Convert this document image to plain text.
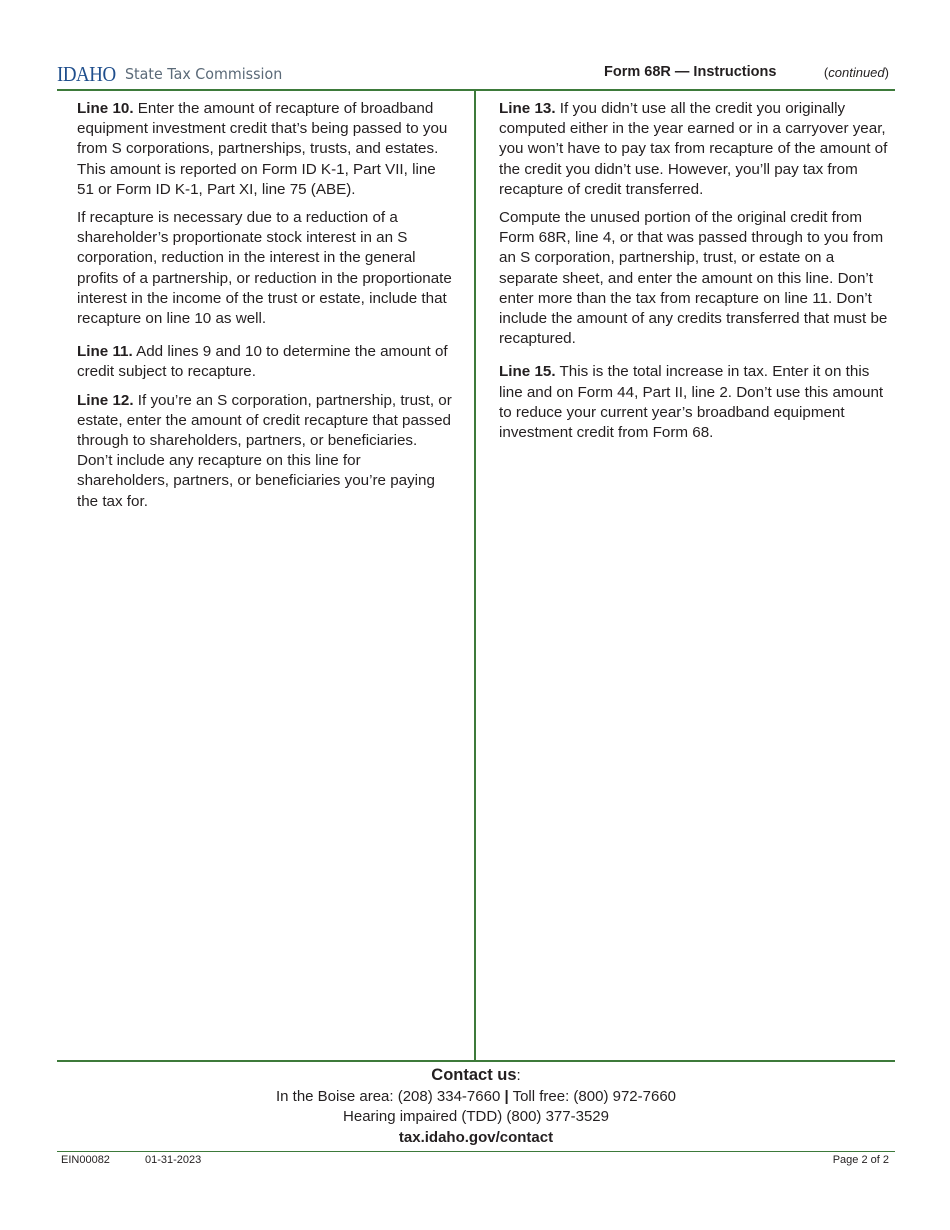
IDAHO State Tax Commission	Form 68R — Instructions	(continued)

Line 10. Enter the amount of recapture of broadband equipment investment credit that’s being passed to you from S corporations, partnerships, trusts, and estates. This amount is reported on Form ID K-1, Part VII, line 51 or Form ID K-1, Part XI, line 75 (ABE).

If recapture is necessary due to a reduction of a shareholder’s proportionate stock interest in an S corporation, reduction in the interest in the general profits of a partnership, or reduction in the proportionate interest in the income of the trust or estate, include that recapture on line 10 as well.

Line 11. Add lines 9 and 10 to determine the amount of credit subject to recapture.

Line 12. If you’re an S corporation, partnership, trust, or estate, enter the amount of credit recapture that passed through to shareholders, partners, or beneficiaries. Don’t include any recapture on this line for shareholders, partners, or beneficiaries you’re paying the tax for.

Line 13. If you didn’t use all the credit you originally computed either in the year earned or in a carryover year, you won’t have to pay tax from recapture of the amount of the credit you didn’t use. However, you’ll pay tax from recapture of credit transferred.

Compute the unused portion of the original credit from Form 68R, line 4, or that was passed through to you from an S corporation, partnership, trust, or estate on a separate sheet, and enter the amount on this line. Don’t enter more than the tax from recapture on line 11. Don’t include the amount of any credits transferred that must be recaptured.

Line 15. This is the total increase in tax. Enter it on this line and on Form 44, Part II, line 2. Don’t use this amount to reduce your current year’s broadband equipment investment credit from Form 68.

Contact us:
In the Boise area: (208) 334-7660 | Toll free: (800) 972-7660
Hearing impaired (TDD) (800) 377-3529
tax.idaho.gov/contact
EIN00082	01-31-2023	Page 2 of 2
